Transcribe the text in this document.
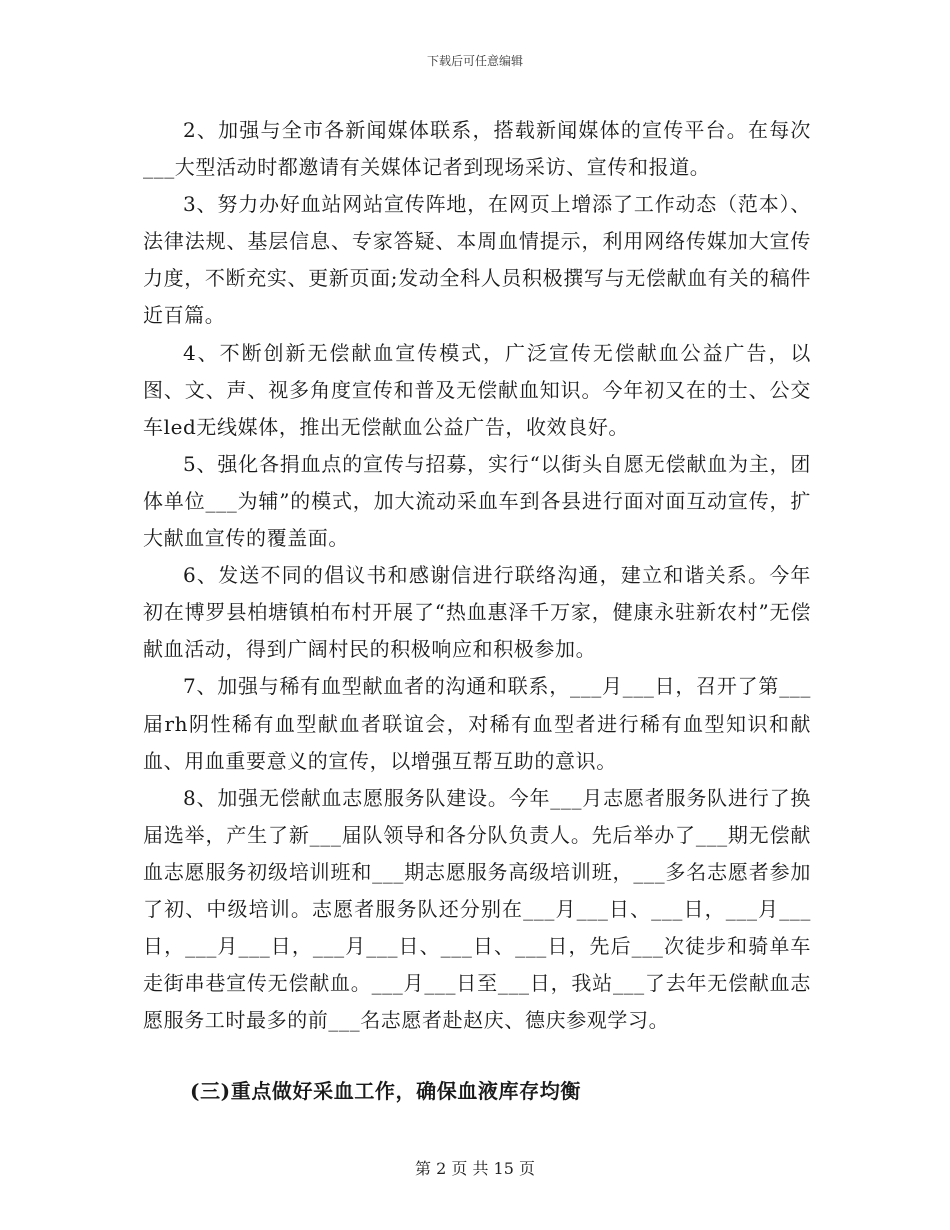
下载后可任意编辑

2、加强与全市各新闻媒体联系，搭载新闻媒体的宣传平台。在每次___大型活动时都邀请有关媒体记者到现场采访、宣传和报道。

3、努力办好血站网站宣传阵地，在网页上增添了工作动态（范本）、法律法规、基层信息、专家答疑、本周血情提示，利用网络传媒加大宣传力度，不断充实、更新页面;发动全科人员积极撰写与无偿献血有关的稿件近百篇。

4、不断创新无偿献血宣传模式，广泛宣传无偿献血公益广告，以图、文、声、视多角度宣传和普及无偿献血知识。今年初又在的士、公交车led无线媒体，推出无偿献血公益广告，收效良好。

5、强化各捐血点的宣传与招募，实行“以街头自愿无偿献血为主，团体单位___为辅”的模式，加大流动采血车到各县进行面对面互动宣传，扩大献血宣传的覆盖面。

6、发送不同的倡议书和感谢信进行联络沟通，建立和谐关系。今年初在博罗县柏塘镇柏布村开展了“热血惠泽千万家，健康永驻新农村”无偿献血活动，得到广阔村民的积极响应和积极参加。

7、加强与稀有血型献血者的沟通和联系，___月___日，召开了第___届rh阴性稀有血型献血者联谊会，对稀有血型者进行稀有血型知识和献血、用血重要意义的宣传，以增强互帮互助的意识。

8、加强无偿献血志愿服务队建设。今年___月志愿者服务队进行了换届选举，产生了新___届队领导和各分队负责人。先后举办了___期无偿献血志愿服务初级培训班和___期志愿服务高级培训班，___多名志愿者参加了初、中级培训。志愿者服务队还分别在___月___日、___日，___月___日，___月___日，___月___日、___日、___日，先后___次徒步和骑单车走街串巷宣传无偿献血。___月___日至___日，我站___了去年无偿献血志愿服务工时最多的前___名志愿者赴赵庆、德庆参观学习。

(三)重点做好采血工作，确保血液库存均衡
第 2 页 共 15 页
